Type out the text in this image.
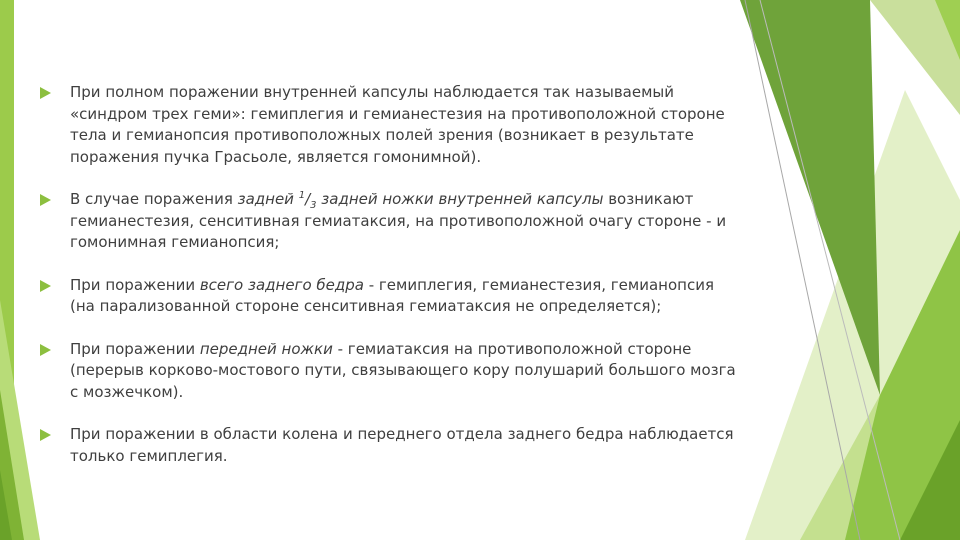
При полном поражении внутренней капсулы наблюдается так называемый «синдром трех геми»: гемиплегия и гемианестезия на противоположной стороне тела и гемианопсия противоположных полей зрения (возникает в результате поражения пучка Грасьоле, является гомонимной).
В случае поражения задней $^1/_3$ задней ножки внутренней капсулы возникают гемианестезия, сенситивная гемиатаксия, на противоположной очагу стороне - и гомонимная гемианопсия;
При поражении всего заднего бедра - гемиплегия, гемианестезия, гемианопсия (на парализованной стороне сенситивная гемиатаксия не определяется);
При поражении передней ножки - гемиатаксия на противоположной стороне (перерыв корково-мостового пути, связывающего кору полушарий большого мозга с мозжечком).
При поражении в области колена и переднего отдела заднего бедра наблюдается только гемиплегия.
